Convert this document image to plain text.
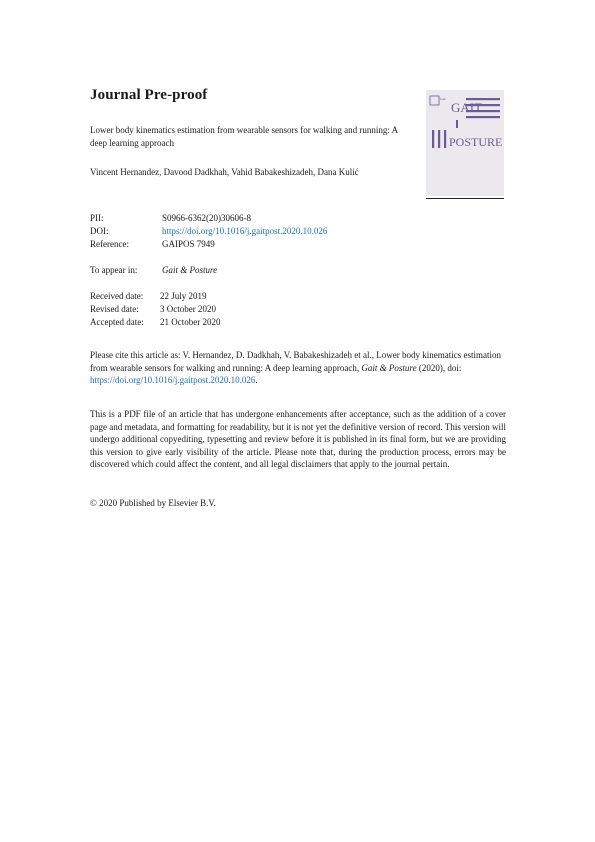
Journal Pre-proof	Gait
GAIT
POSTURE
Lower body kinematics estimation from wearable sensors for walking and running: A deep learning approach
Vincent Hernandez, Davood Dadkhah, Vahid Babakeshizadeh, Dana Kulić
PII:	S0966-6362(20)30606-8
DOI:	https://doi.org/10.1016/j.gaitpost.2020.10.026
Reference:	GAIPOS 7949
To appear in:	Gait & Posture
Received date: 22 July 2019
Revised date: 3 October 2020
Accepted date: 21 October 2020
Please cite this article as: V. Hernandez, D. Dadkhah, V. Babakeshizadeh et al., Lower body kinematics estimation from wearable sensors for walking and running: A deep learning approach, Gait & Posture (2020), doi: https://doi.org/10.1016/j.gaitpost.2020.10.026.
This is a PDF file of an article that has undergone enhancements after acceptance, such as the addition of a cover page and metadata, and formatting for readability, but it is not yet the definitive version of record. This version will undergo additional copyediting, typesetting and review before it is published in its final form, but we are providing this version to give early visibility of the article. Please note that, during the production process, errors may be discovered which could affect the content, and all legal disclaimers that apply to the journal pertain.
© 2020 Published by Elsevier B.V.
